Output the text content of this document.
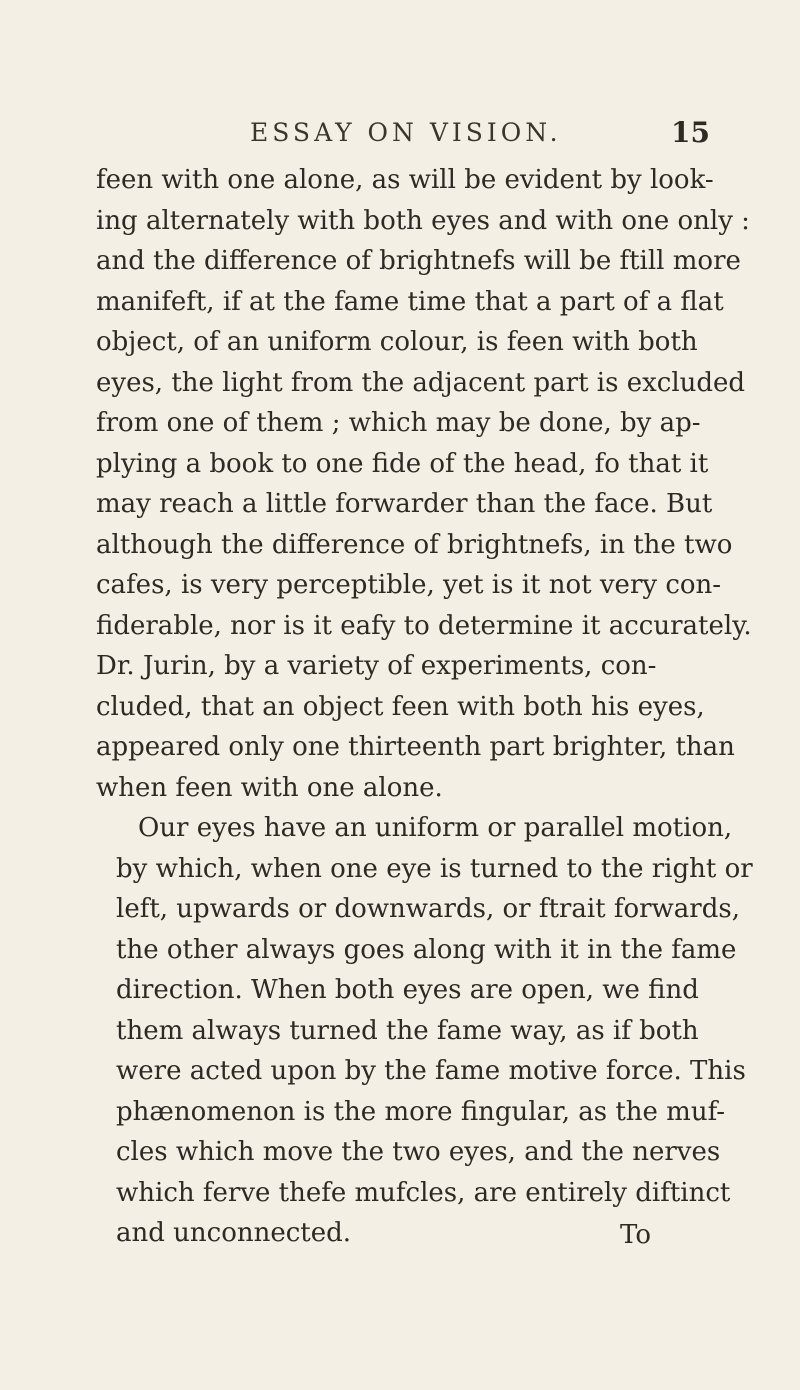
ESSAY ON VISION.	15
feen with one alone, as will be evident by look-
ing alternately with both eyes and with one only :
and the difference of brightnefs will be ftill more
manifeft, if at the fame time that a part of a flat
object, of an uniform colour, is feen with both
eyes, the light from the adjacent part is excluded
from one of them ; which may be done, by ap-
plying a book to one fide of the head, fo that it
may reach a little forwarder than the face. But
although the difference of brightnefs, in the two
cafes, is very perceptible, yet is it not very con-
fiderable, nor is it eafy to determine it accurately.
Dr. Jurin, by a variety of experiments, con-
cluded, that an object feen with both his eyes,
appeared only one thirteenth part brighter, than
when feen with one alone.
Our eyes have an uniform or parallel motion,
by which, when one eye is turned to the right or
left, upwards or downwards, or ftrait forwards,
the other always goes along with it in the fame
direction. When both eyes are open, we find
them always turned the fame way, as if both
were acted upon by the fame motive force. This
phænomenon is the more fingular, as the muf-
cles which move the two eyes, and the nerves
which ferve thefe mufcles, are entirely diftinct
and unconnected.	To
